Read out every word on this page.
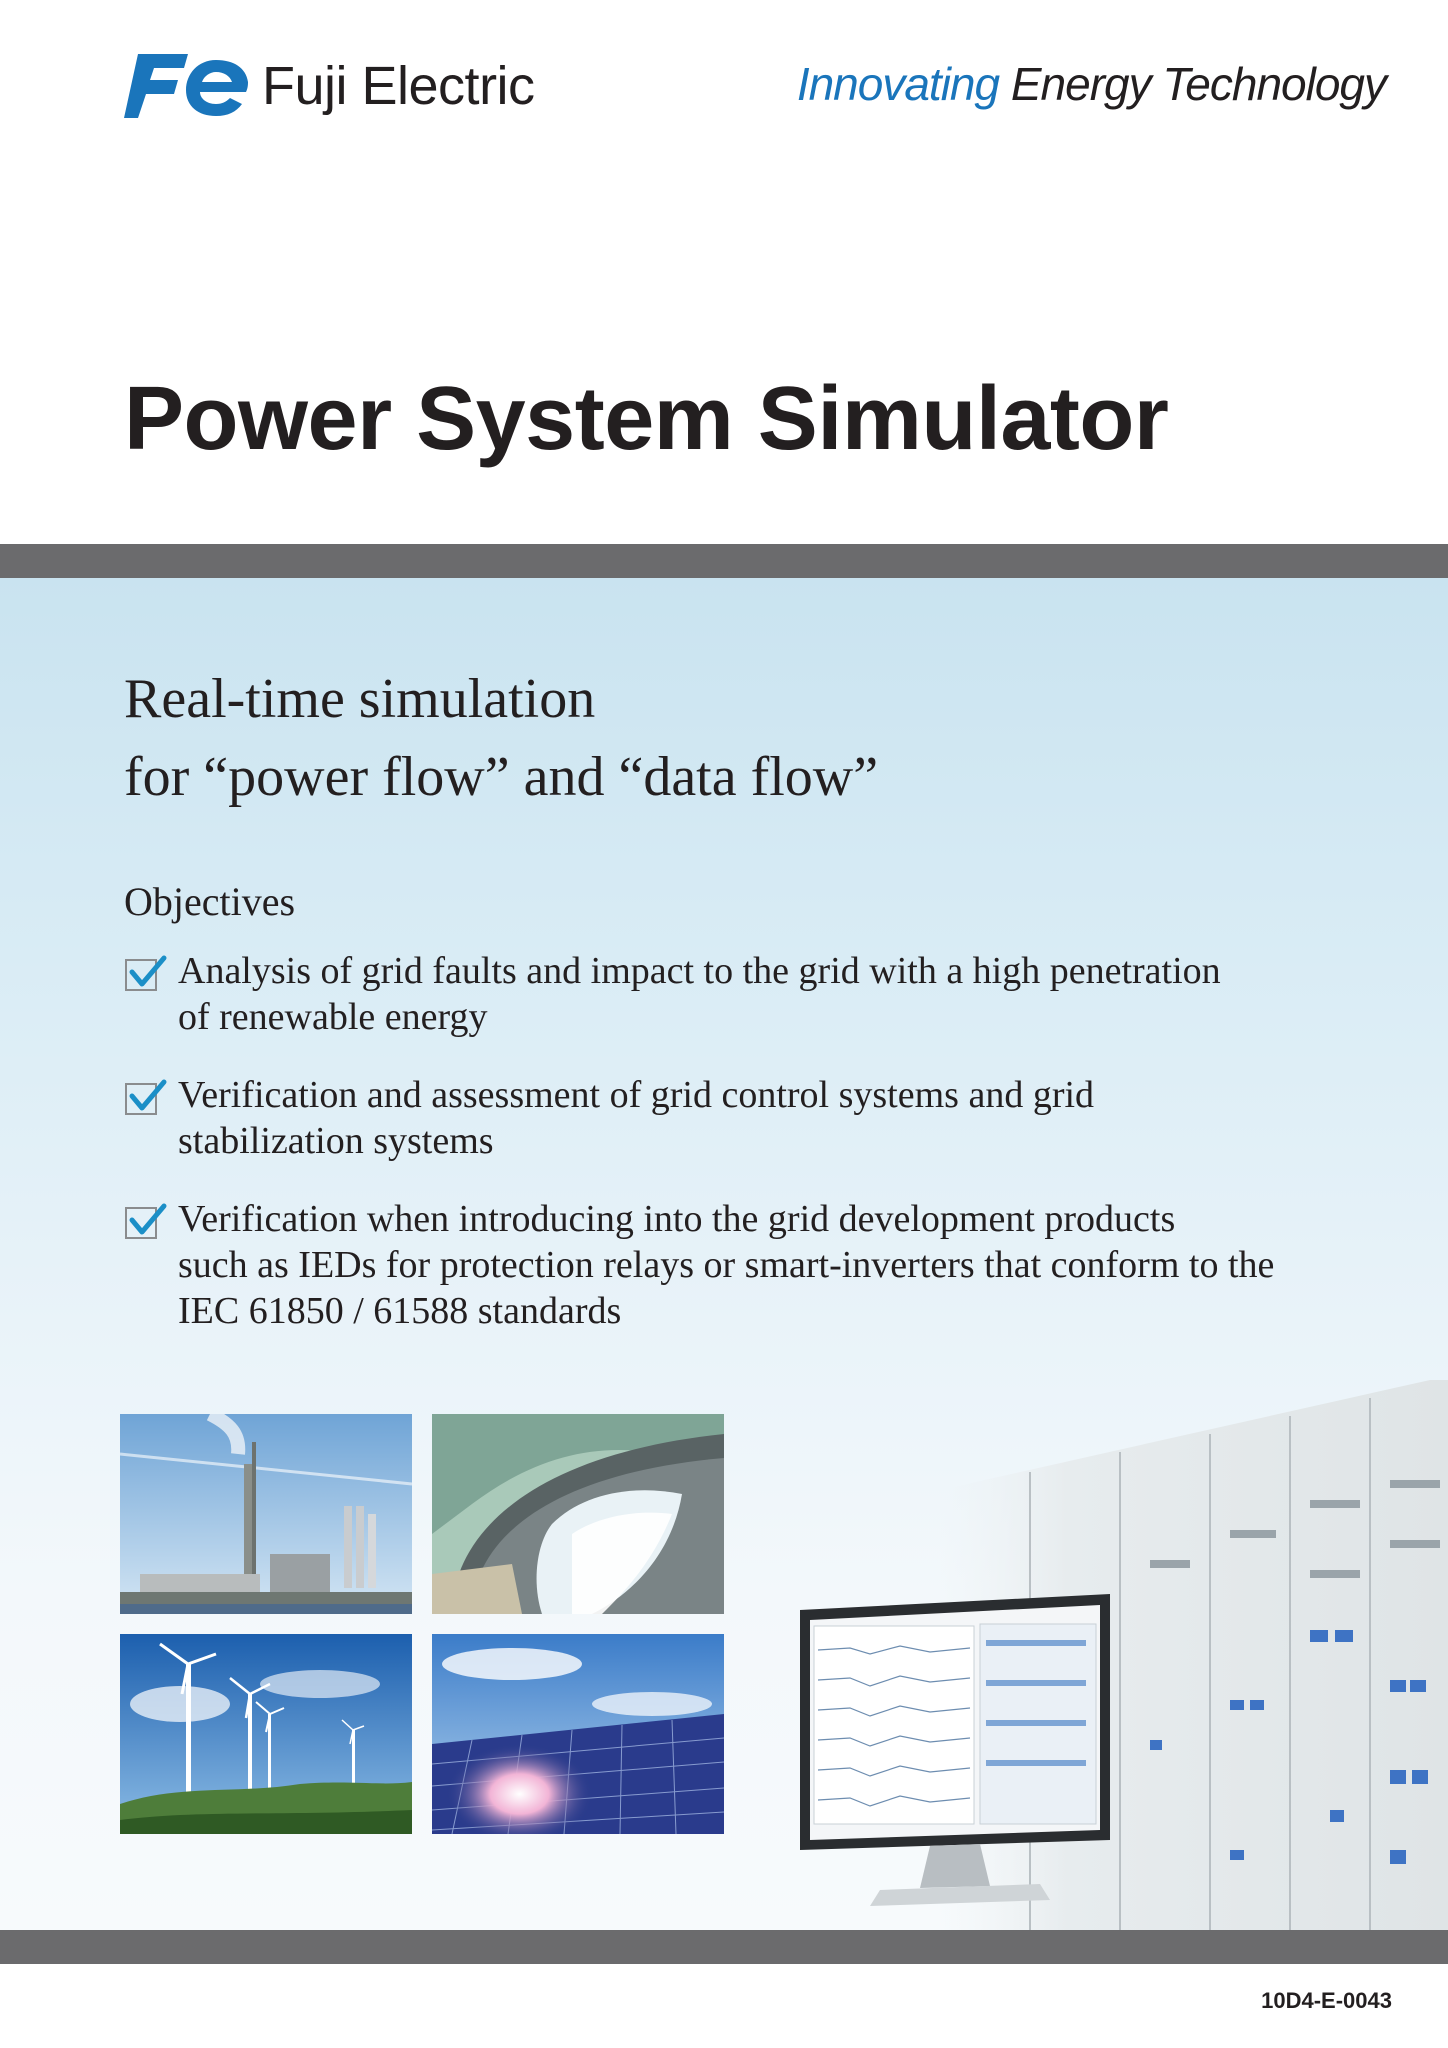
Fuji Electric	Innovating Energy Technology
Power System Simulator
Real-time simulation
for “power flow” and “data flow”
Objectives
Analysis of grid faults and impact to the grid with a high penetration
of renewable energy
Verification and assessment of grid control systems and grid
stabilization systems
Verification when introducing into the grid development products
such as IEDs for protection relays or smart-inverters that conform to the
IEC 61850 / 61588 standards
10D4-E-0043
